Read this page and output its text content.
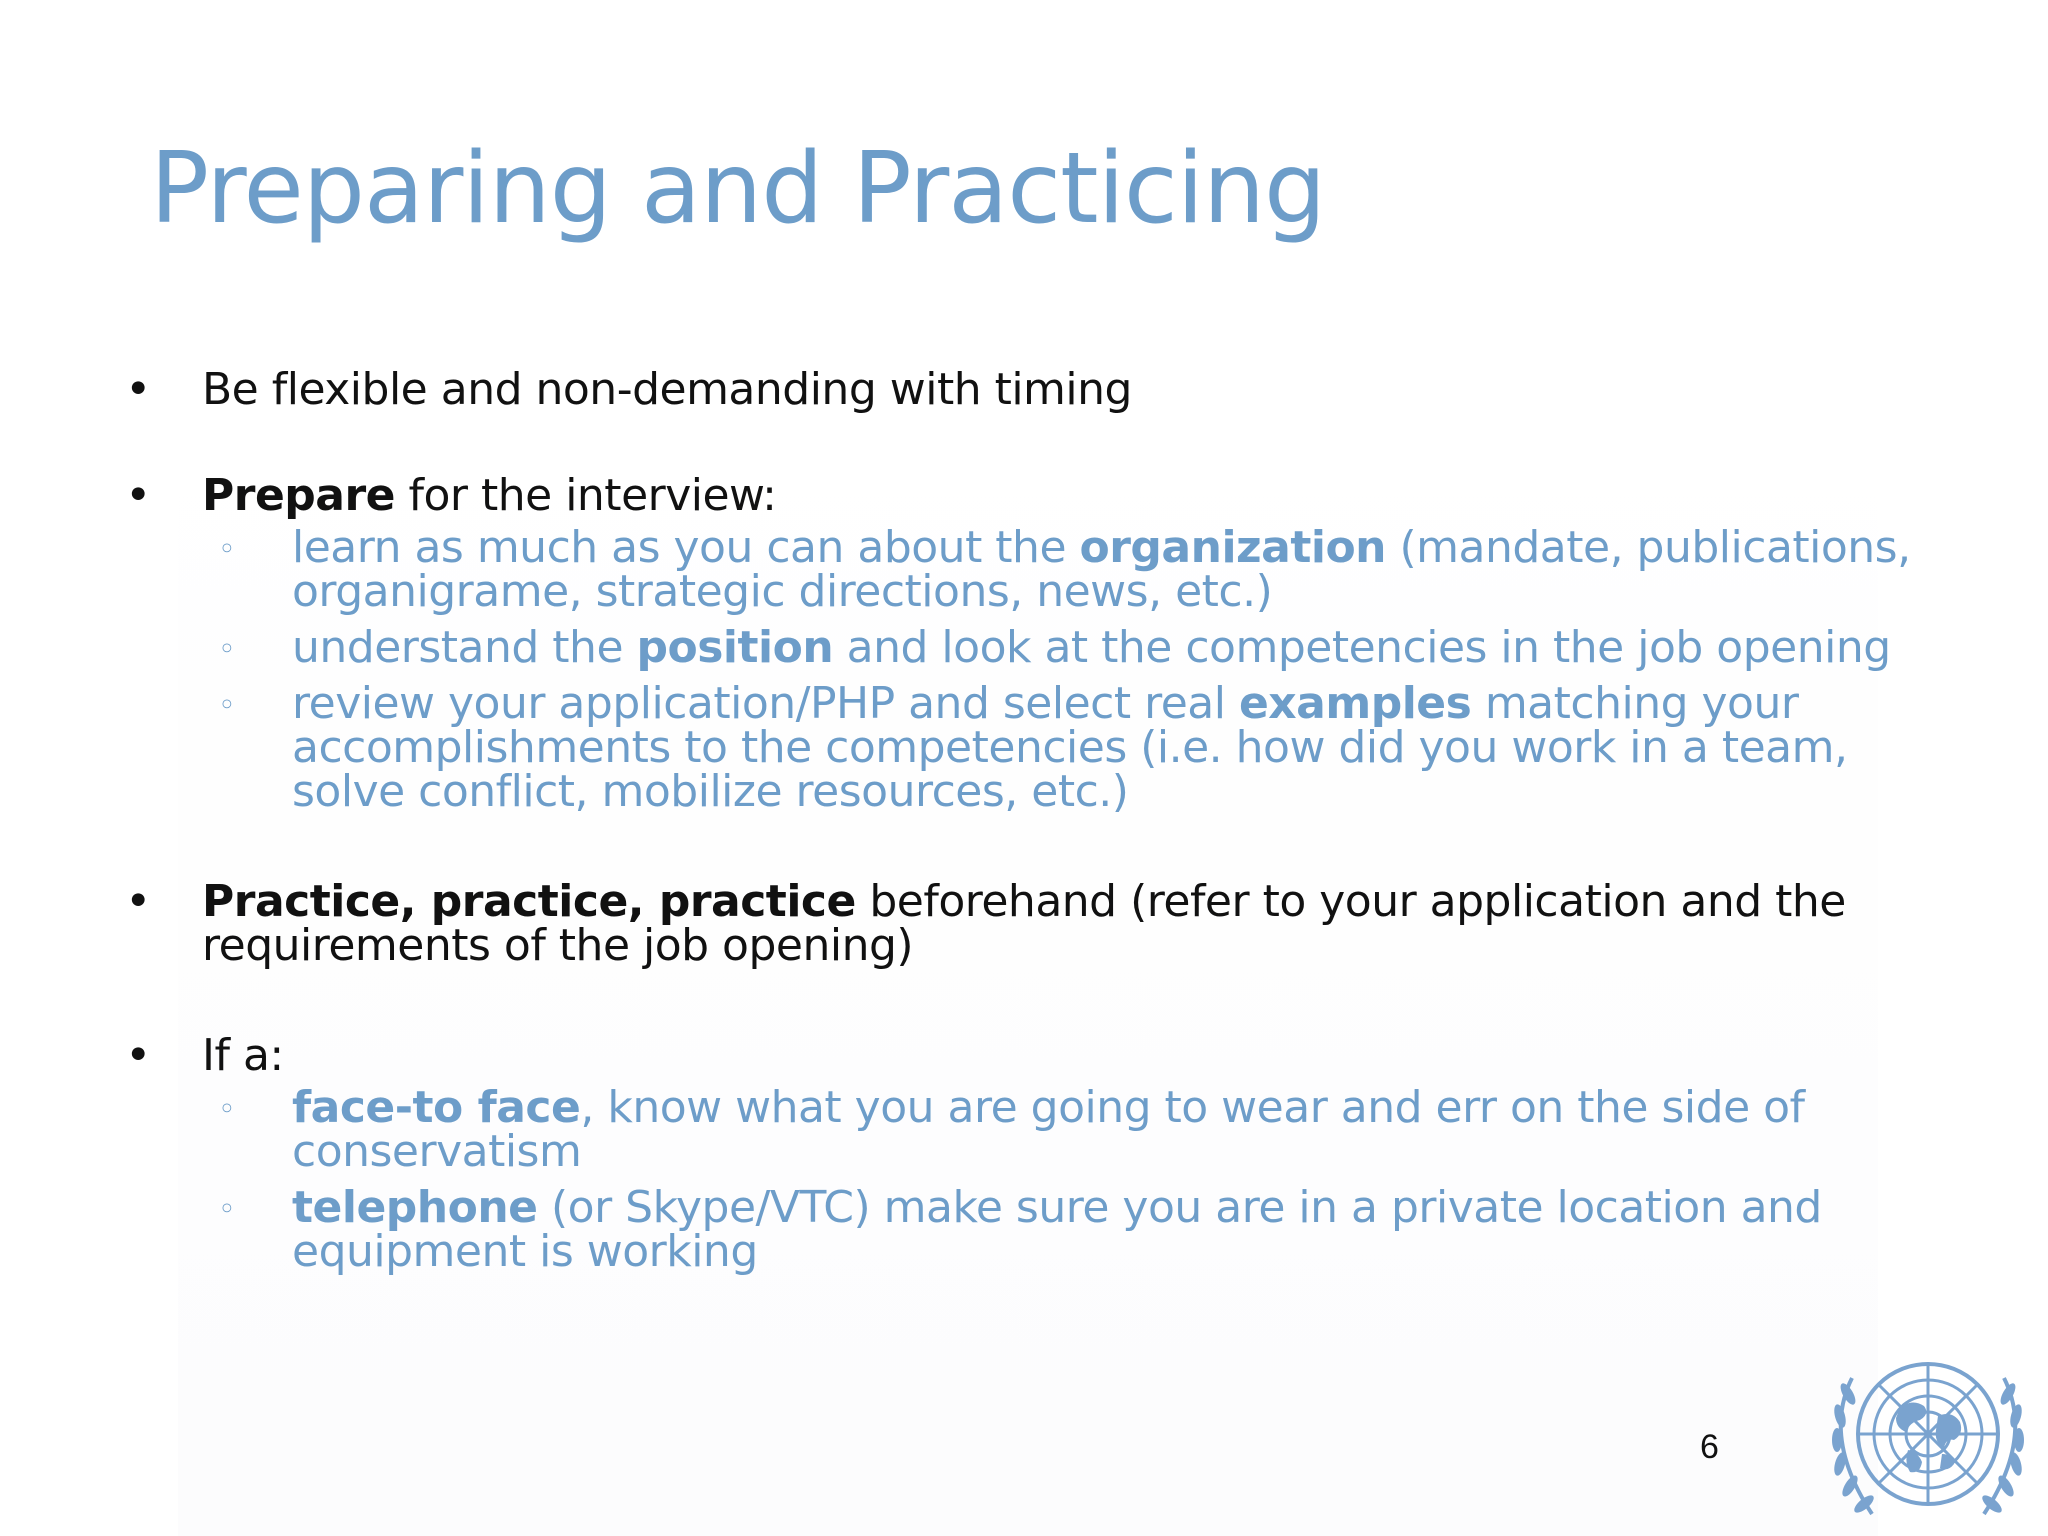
Preparing and Practicing
• Be flexible and non-demanding with timing
• Prepare for the interview:
◦ learn as much as you can about the organization (mandate, publications, organigrame, strategic directions, news, etc.)
◦ understand the position and look at the competencies in the job opening
◦ review your application/PHP and select real examples matching your accomplishments to the competencies (i.e. how did you work in a team, solve conflict, mobilize resources, etc.)
• Practice, practice, practice beforehand (refer to your application and the requirements of the job opening)
• If a:
◦ face-to face, know what you are going to wear and err on the side of conservatism
◦ telephone (or Skype/VTC) make sure you are in a private location and equipment is working
6
